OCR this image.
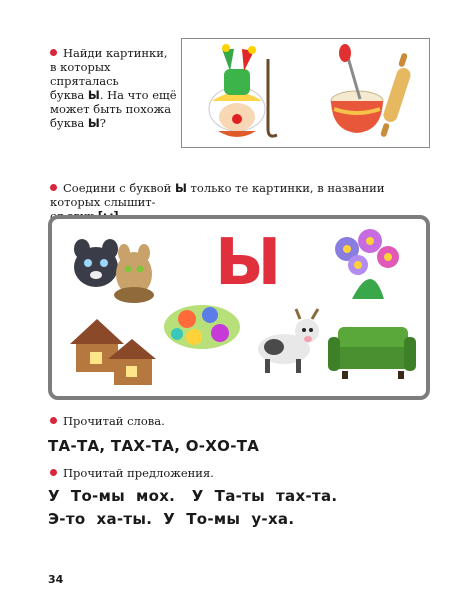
Найди картинки,
в которых спряталась
буква Ы. На что ещё
может быть похожа
буква Ы?
Соедини с буквой Ы только те картинки, в названии которых слышит-
Ы
Прочитай слова.
ТА-ТА, ТАХ-ТА, О-ХО-ТА
Прочитай предложения.
У  То-мы  мох.   У  Та-ты  тах-та.
Э-то  ха-ты.  У  То-мы  у-ха.
34
